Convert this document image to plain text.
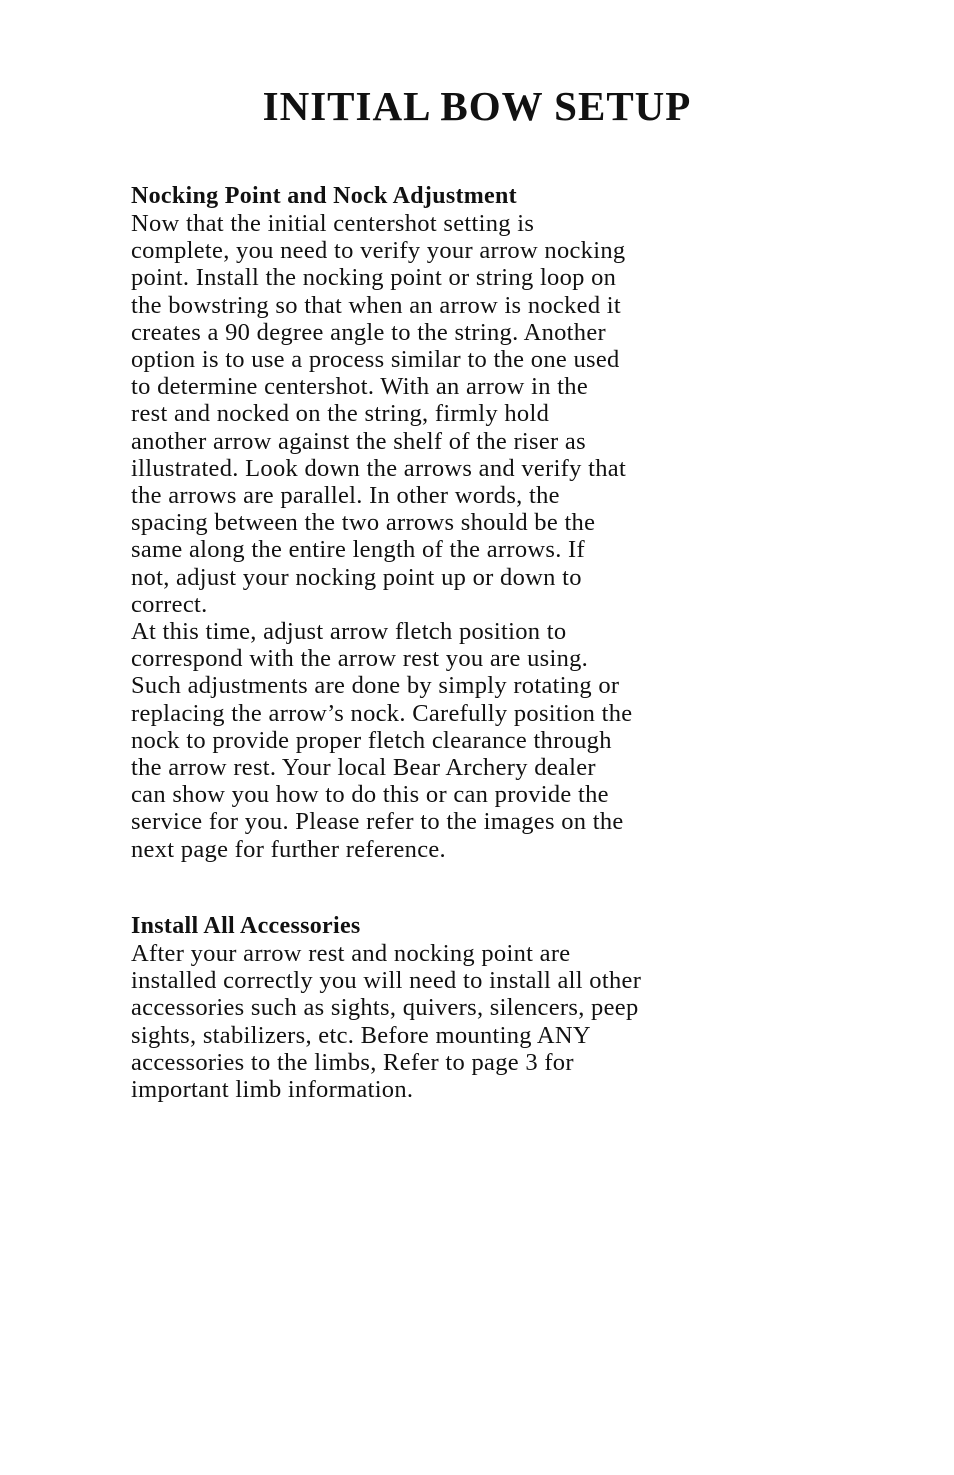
INITIAL BOW SETUP
Nocking Point and Nock Adjustment

Now that the initial centershot setting is
complete, you need to verify your arrow nocking
point. Install the nocking point or string loop on
the bowstring so that when an arrow is nocked it
creates a 90 degree angle to the string. Another
option is to use a process similar to the one used
to determine centershot. With an arrow in the
rest and nocked on the string, firmly hold
another arrow against the shelf of the riser as
illustrated. Look down the arrows and verify that
the arrows are parallel. In other words, the
spacing between the two arrows should be the
same along the entire length of the arrows. If
not, adjust your nocking point up or down to
correct.

At this time, adjust arrow fletch position to
correspond with the arrow rest you are using.
Such adjustments are done by simply rotating or
replacing the arrow’s nock. Carefully position the
nock to provide proper fletch clearance through
the arrow rest. Your local Bear Archery dealer
can show you how to do this or can provide the
service for you. Please refer to the images on the
next page for further reference.

Install All Accessories

After your arrow rest and nocking point are
installed correctly you will need to install all other
accessories such as sights, quivers, silencers, peep
sights, stabilizers, etc. Before mounting ANY
accessories to the limbs, Refer to page 3 for
important limb information.
